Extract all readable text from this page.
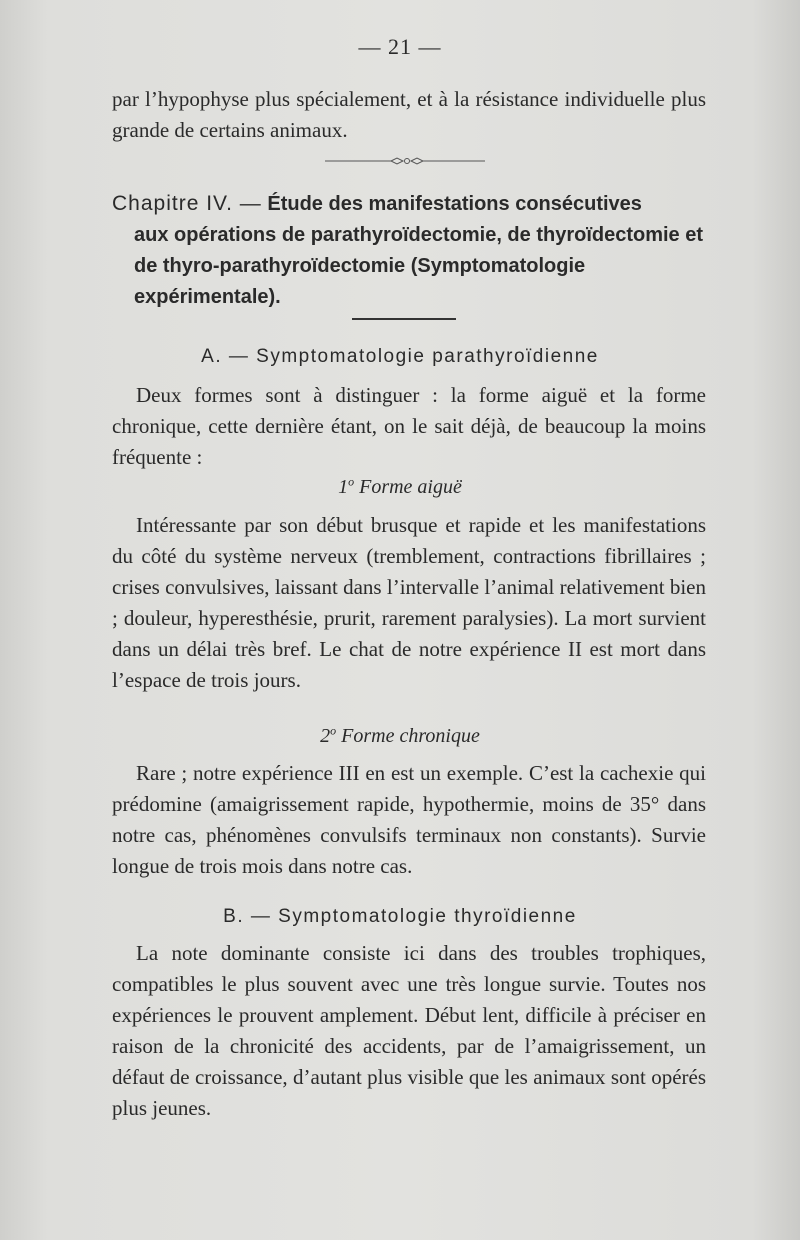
— 21 —

par l’hypophyse plus spécialement, et à la résistance individuelle plus grande de certains animaux.

Chapitre IV. — Étude des manifestations consécutives
aux opérations de parathyroïdectomie, de thyroïdectomie et de thyro-parathyroïdectomie (Symptomatologie expérimentale).
A. — Symptomatologie parathyroïdienne

Deux formes sont à distinguer : la forme aiguë et la forme chronique, cette dernière étant, on le sait déjà, de beaucoup la moins fréquente :

1$^o$ Forme aiguë

Intéressante par son début brusque et rapide et les manifestations du côté du système nerveux (tremblement, contractions fibrillaires ; crises convulsives, laissant dans l’intervalle l’animal relativement bien ; douleur, hyperesthésie, prurit, rarement paralysies). La mort survient dans un délai très bref. Le chat de notre expérience II est mort dans l’espace de trois jours.

2$^o$ Forme chronique

Rare ; notre expérience III en est un exemple. C’est la cachexie qui prédomine (amaigrissement rapide, hypothermie, moins de 35° dans notre cas, phénomènes convulsifs terminaux non constants). Survie longue de trois mois dans notre cas.

B. — Symptomatologie thyroïdienne

La note dominante consiste ici dans des troubles trophiques, compatibles le plus souvent avec une très longue survie. Toutes nos expériences le prouvent amplement. Début lent, difficile à préciser en raison de la chronicité des accidents, par de l’amaigrissement, un défaut de croissance, d’autant plus visible que les animaux sont opérés plus jeunes.
